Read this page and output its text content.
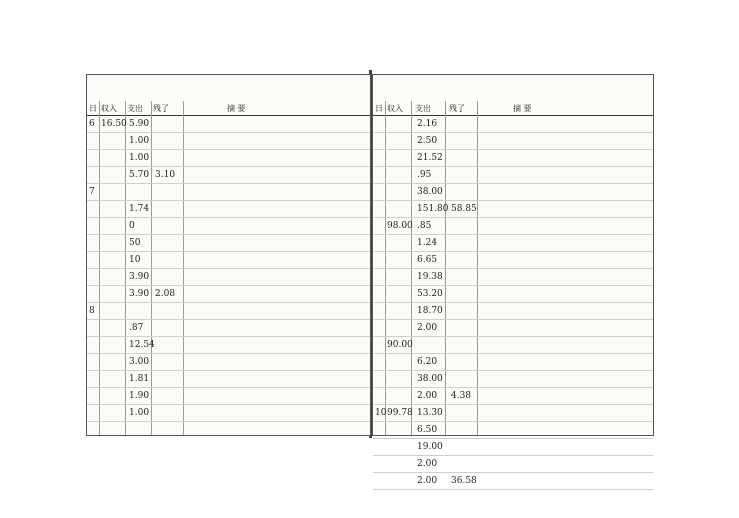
日 収入 支出 残了	摘 要
6 16.50 5.90
1.00
1.00
5.70 3.10
7
1.74
0
50
10
3.90
3.90 2.08
8
.87
12.54
3.00
1.81
1.90
1.00
日 収入 支出 残了	摘 要
2.16
2.50
21.52
.95
38.00
151.80 58.85
98.00 .85
1.24
6.65
19.38
53.20
18.70
2.00
90.00
6.20
38.00
2.00 4.38
10 99.78 13.30
6.50
19.00
2.00
2.00 36.58
